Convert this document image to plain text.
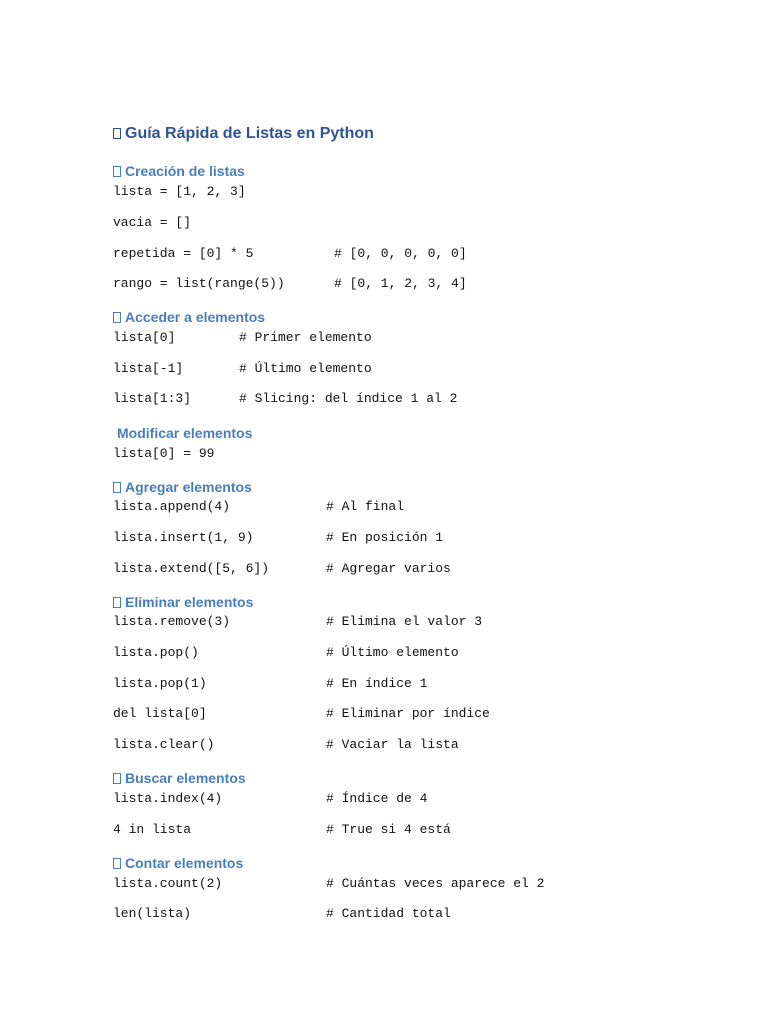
Guía Rápida de Listas en Python
Creación de listas
lista = [1, 2, 3]
vacia = []
repetida = [0] * 5	# [0, 0, 0, 0, 0]
rango = list(range(5))	# [0, 1, 2, 3, 4]
Acceder a elementos
lista[0]	# Primer elemento
lista[-1]	# Último elemento
lista[1:3]	# Slicing: del índice 1 al 2
Modificar elementos
lista[0] = 99
Agregar elementos
lista.append(4)	# Al final
lista.insert(1, 9)	# En posición 1
lista.extend([5, 6])	# Agregar varios
Eliminar elementos
lista.remove(3)	# Elimina el valor 3
lista.pop()	# Último elemento
lista.pop(1)	# En índice 1
del lista[0]	# Eliminar por índice
lista.clear()	# Vaciar la lista
Buscar elementos
lista.index(4)	# Índice de 4
4 in lista	# True si 4 está
Contar elementos
lista.count(2)	# Cuántas veces aparece el 2
len(lista)	# Cantidad total
